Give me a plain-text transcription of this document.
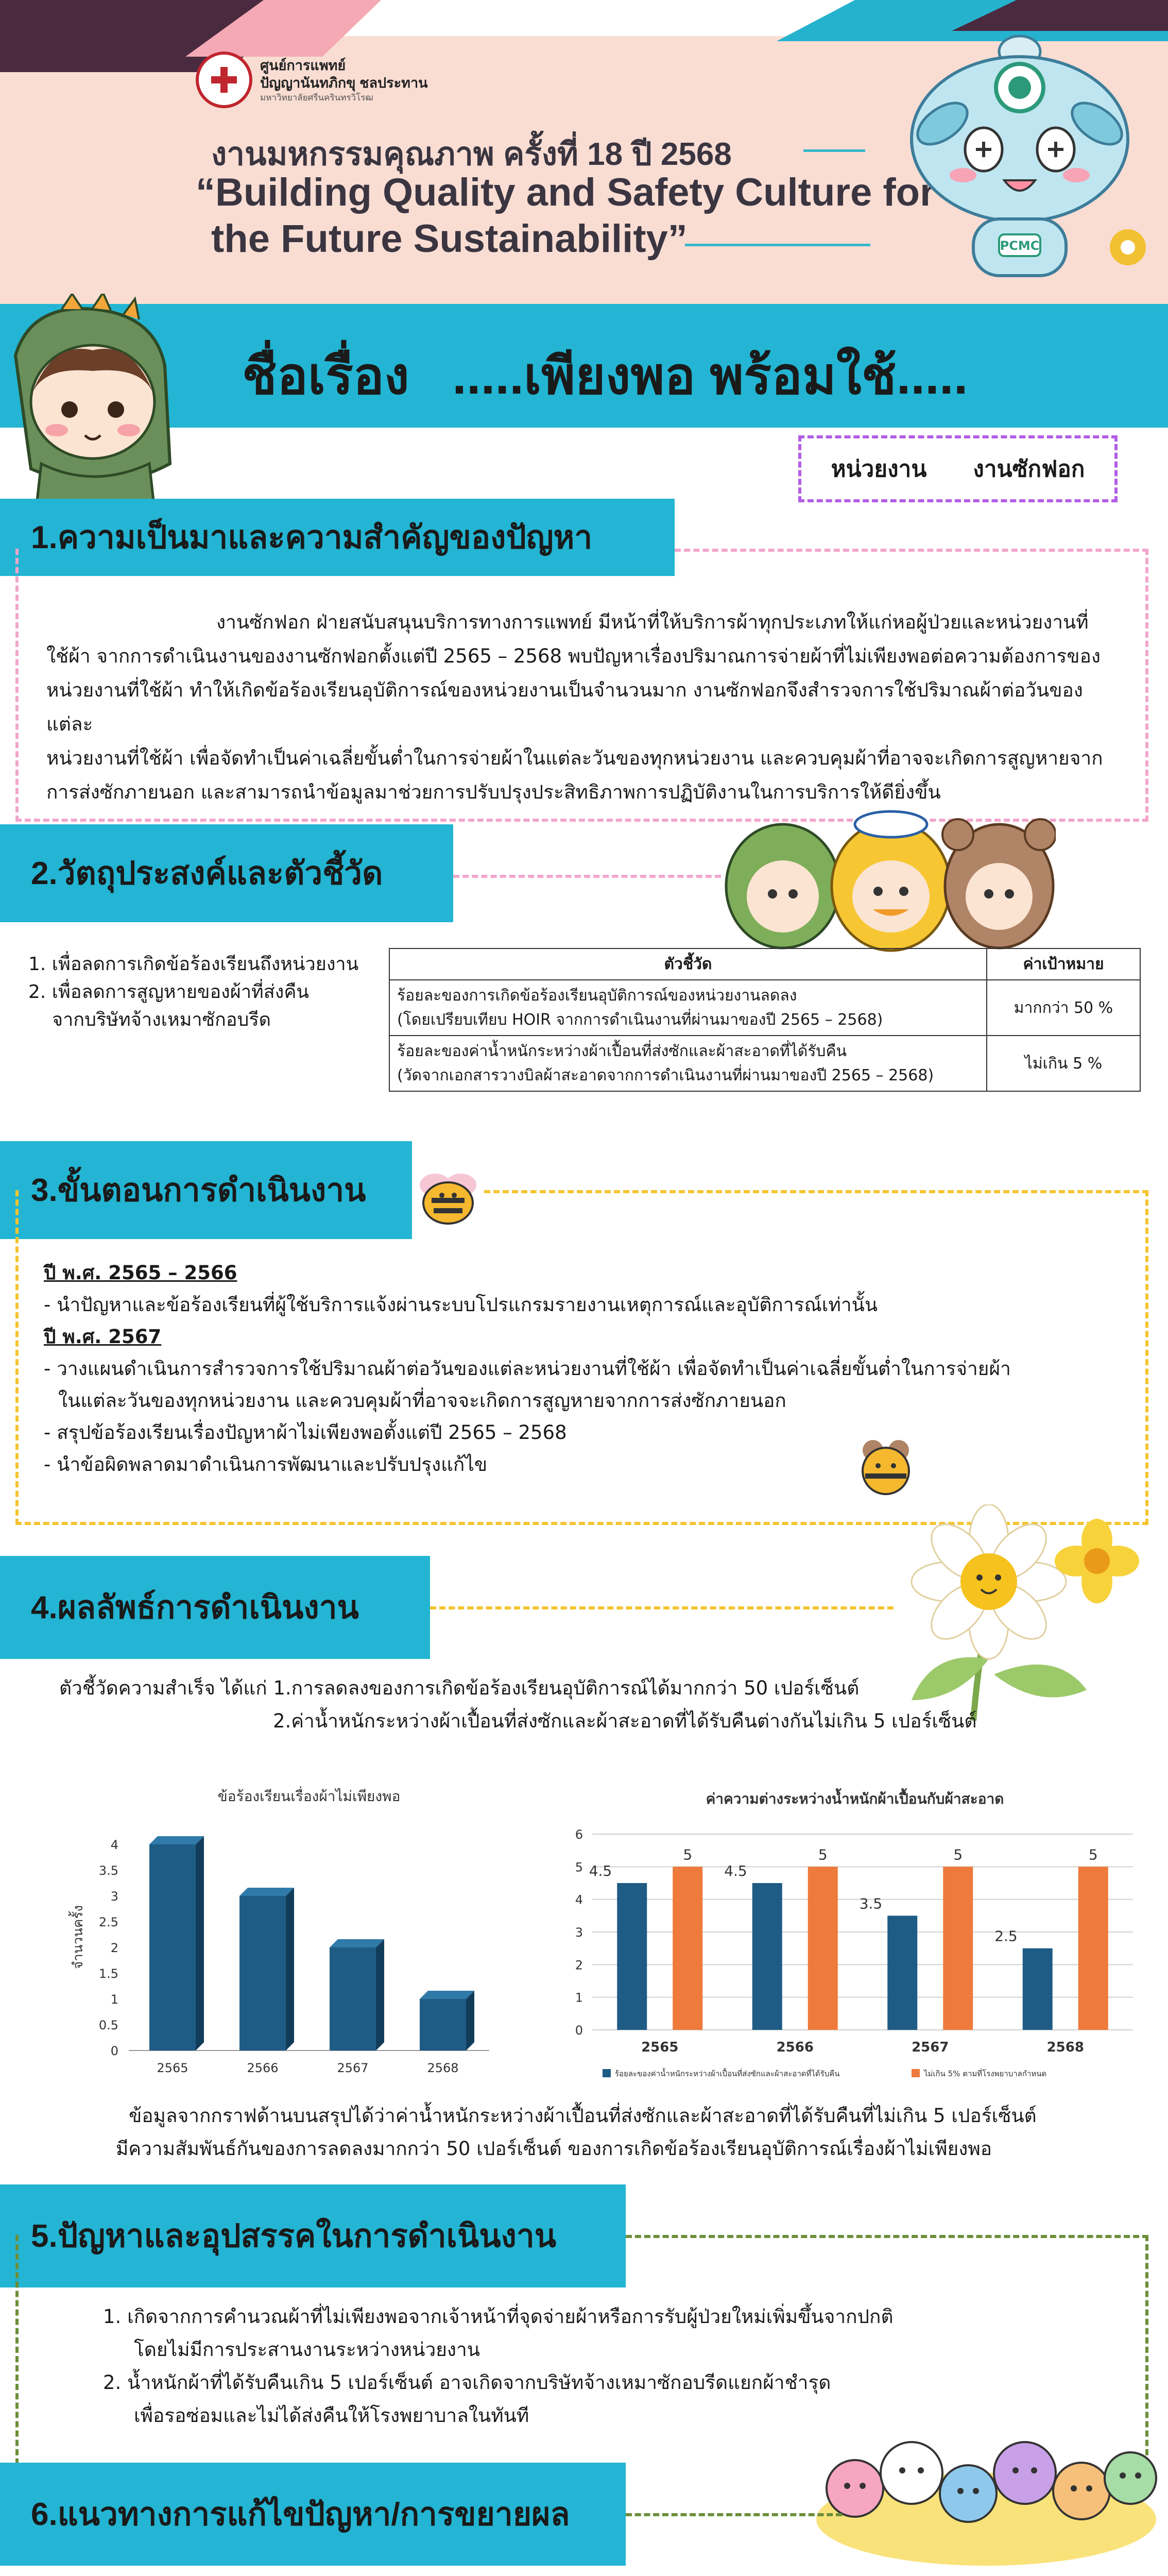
ศูนย์การแพทย์
ปัญญานันทภิกขุ ชลประทาน
มหาวิทยาลัยศรีนครินทรวิโรฒ
งานมหกรรมคุณภาพ ครั้งที่ 18 ปี 2568
“Building Quality and Safety Culture for
the Future Sustainability”	PCMC
ชื่อเรื่อง .....เพียงพอ พร้อมใช้.....
หน่วยงาน งานซักฟอก
1.ความเป็นมาและความสำคัญของปัญหา
งานซักฟอก ฝ่ายสนับสนุนบริการทางการแพทย์ มีหน้าที่ให้บริการผ้าทุกประเภทให้แก่หอผู้ป่วยและหน่วยงานที่
ใช้ผ้า จากการดำเนินงานของงานซักฟอกตั้งแต่ปี 2565 – 2568 พบปัญหาเรื่องปริมาณการจ่ายผ้าที่ไม่เพียงพอต่อความต้องการของ
หน่วยงานที่ใช้ผ้า ทำให้เกิดข้อร้องเรียนอุบัติการณ์ของหน่วยงานเป็นจำนวนมาก งานซักฟอกจึงสำรวจการใช้ปริมาณผ้าต่อวันของแต่ละ
หน่วยงานที่ใช้ผ้า เพื่อจัดทำเป็นค่าเฉลี่ยขั้นต่ำในการจ่ายผ้าในแต่ละวันของทุกหน่วยงาน และควบคุมผ้าที่อาจจะเกิดการสูญหายจาก
การส่งซักภายนอก และสามารถนำข้อมูลมาช่วยการปรับปรุงประสิทธิภาพการปฏิบัติงานในการบริการให้ดียิ่งขึ้น
2.วัตถุประสงค์และตัวชี้วัด
1. เพื่อลดการเกิดข้อร้องเรียนถึงหน่วยงาน
2. เพื่อลดการสูญหายของผ้าที่ส่งคืน
จากบริษัทจ้างเหมาซักอบรีด
ตัวชี้วัด	ค่าเป้าหมาย

ร้อยละของการเกิดข้อร้องเรียนอุบัติการณ์ของหน่วยงานลดลง
(โดยเปรียบเทียบ HOIR จากการดำเนินงานที่ผ่านมาของปี 2565 – 2568)	มากกว่า 50 %

ร้อยละของค่าน้ำหนักระหว่างผ้าเปื้อนที่ส่งซักและผ้าสะอาดที่ได้รับคืน
(วัดจากเอกสารวางบิลผ้าสะอาดจากการดำเนินงานที่ผ่านมาของปี 2565 – 2568)	ไม่เกิน 5 %
3.ขั้นตอนการดำเนินงาน
ปี พ.ศ. 2565 – 2566
- นำปัญหาและข้อร้องเรียนที่ผู้ใช้บริการแจ้งผ่านระบบโปรแกรมรายงานเหตุการณ์และอุบัติการณ์เท่านั้น
ปี พ.ศ. 2567
- วางแผนดำเนินการสำรวจการใช้ปริมาณผ้าต่อวันของแต่ละหน่วยงานที่ใช้ผ้า เพื่อจัดทำเป็นค่าเฉลี่ยขั้นต่ำในการจ่ายผ้า
ในแต่ละวันของทุกหน่วยงาน และควบคุมผ้าที่อาจจะเกิดการสูญหายจากการส่งซักภายนอก
- สรุปข้อร้องเรียนเรื่องปัญหาผ้าไม่เพียงพอตั้งแต่ปี 2565 – 2568
- นำข้อผิดพลาดมาดำเนินการพัฒนาและปรับปรุงแก้ไข
4.ผลลัพธ์การดำเนินงาน
ตัวชี้วัดความสำเร็จ ได้แก่ 1.การลดลงของการเกิดข้อร้องเรียนอุบัติการณ์ได้มากกว่า 50 เปอร์เซ็นต์
2.ค่าน้ำหนักระหว่างผ้าเปื้อนที่ส่งซักและผ้าสะอาดที่ได้รับคืนต่างกันไม่เกิน 5 เปอร์เซ็นต์
ข้อร้องเรียนเรื่องผ้าไม่เพียงพอ
0
0.5
1
1.5
2
2.5
3
3.5
4
2565	2566	2567	2568
จำนวนครั้ง
ค่าความต่างระหว่างน้ำหนักผ้าเปื้อนกับผ้าสะอาด
0
1
2
3
4
5
6
4.5
5
2565
4.5
5
2566
3.5
5
2567
2.5
5
2568
ร้อยละของค่าน้ำหนักระหว่างผ้าเปื้อนที่ส่งซักและผ้าสะอาดที่ได้รับคืน	ไม่เกิน 5% ตามที่โรงพยาบาลกำหนด
ข้อมูลจากกราฟด้านบนสรุปได้ว่าค่าน้ำหนักระหว่างผ้าเปื้อนที่ส่งซักและผ้าสะอาดที่ได้รับคืนที่ไม่เกิน 5 เปอร์เซ็นต์
มีความสัมพันธ์กันของการลดลงมากกว่า 50 เปอร์เซ็นต์ ของการเกิดข้อร้องเรียนอุบัติการณ์เรื่องผ้าไม่เพียงพอ
5.ปัญหาและอุปสรรคในการดำเนินงาน
1. เกิดจากการคำนวณผ้าที่ไม่เพียงพอจากเจ้าหน้าที่จุดจ่ายผ้าหรือการรับผู้ป่วยใหม่เพิ่มขึ้นจากปกติ
โดยไม่มีการประสานงานระหว่างหน่วยงาน
2. น้ำหนักผ้าที่ได้รับคืนเกิน 5 เปอร์เซ็นต์ อาจเกิดจากบริษัทจ้างเหมาซักอบรีดแยกผ้าชำรุด
เพื่อรอซ่อมและไม่ได้ส่งคืนให้โรงพยาบาลในทันที
6.แนวทางการแก้ไขปัญหา/การขยายผล
